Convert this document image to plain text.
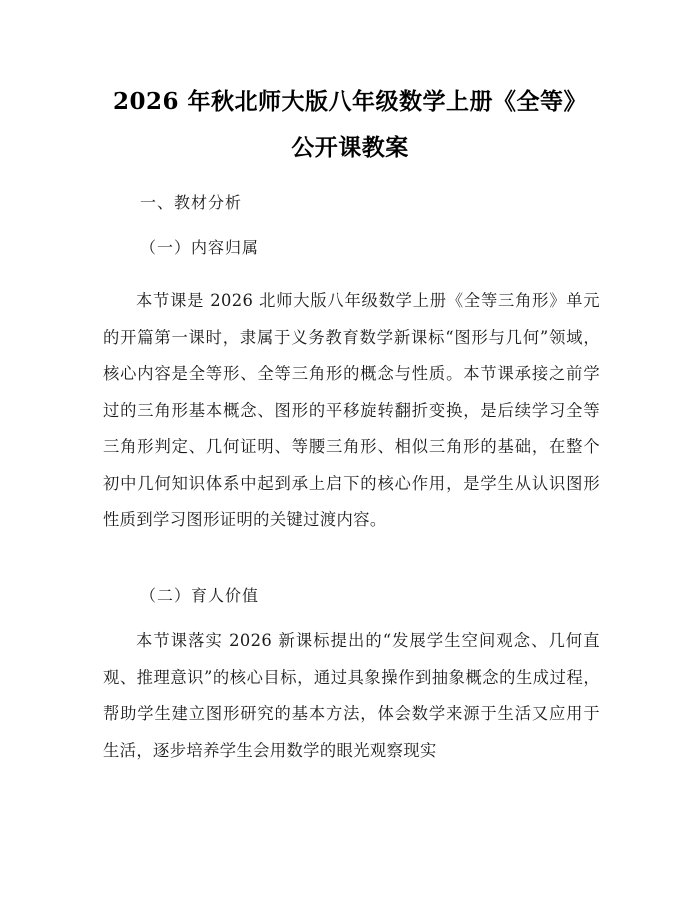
2026 年秋北师大版八年级数学上册《全等》
公开课教案

一、教材分析

（一）内容归属

本节课是 2026 北师大版八年级数学上册《全等三角形》单元的开篇第一课时，隶属于义务教育数学新课标“图形与几何”领域，核心内容是全等形、全等三角形的概念与性质。本节课承接之前学过的三角形基本概念、图形的平移旋转翻折变换，是后续学习全等三角形判定、几何证明、等腰三角形、相似三角形的基础，在整个初中几何知识体系中起到承上启下的核心作用，是学生从认识图形性质到学习图形证明的关键过渡内容。

（二）育人价值

本节课落实 2026 新课标提出的“发展学生空间观念、几何直观、推理意识”的核心目标，通过具象操作到抽象概念的生成过程，帮助学生建立图形研究的基本方法，体会数学来源于生活又应用于生活，逐步培养学生会用数学的眼光观察现实
